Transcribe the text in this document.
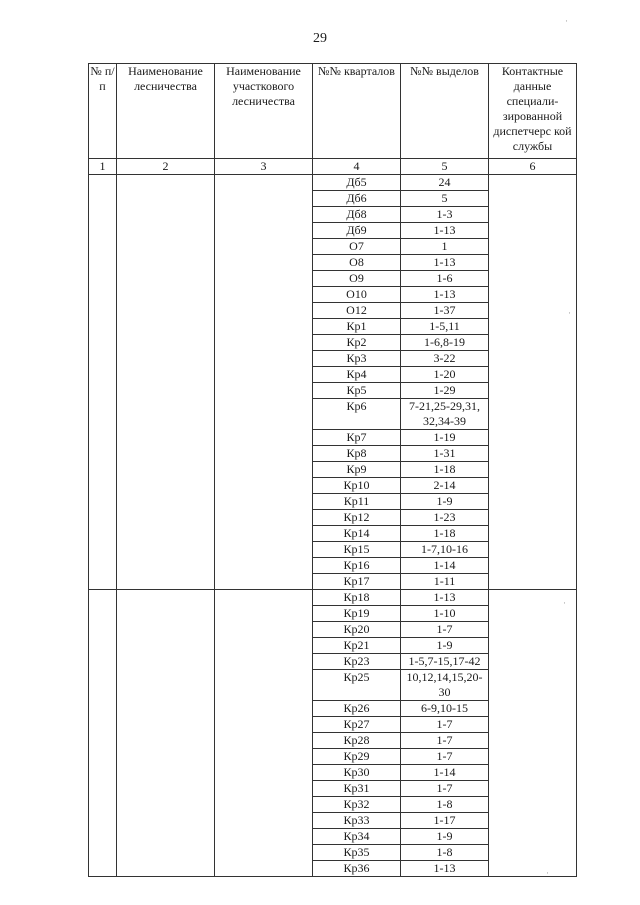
29
№ п/п	Наименование лесничества	Наименование участкового лесничества	№№ кварталов	№№ выделов	Контактные данные специали-зированной диспетчерс кой службы
1	2	3	4	5	6
			Дб5	24	
			Дб6	5	
			Дб8	1-3	
			Дб9	1-13	
			О7	1	
			О8	1-13	
			О9	1-6	
			О10	1-13	
			О12	1-37	
			Кр1	1-5,11	
			Кр2	1-6,8-19	
			Кр3	3-22	
			Кр4	1-20	
			Кр5	1-29	
			Кр6	7-21,25-29,31, 32,34-39	
			Кр7	1-19	
			Кр8	1-31	
			Кр9	1-18	
			Кр10	2-14	
			Кр11	1-9	
			Кр12	1-23	
			Кр14	1-18	
			Кр15	1-7,10-16	
			Кр16	1-14	
			Кр17	1-11	
			Кр18	1-13	
			Кр19	1-10	
			Кр20	1-7	
			Кр21	1-9	
			Кр23	1-5,7-15,17-42	
			Кр25	10,12,14,15,20-30	
			Кр26	6-9,10-15	
			Кр27	1-7	
			Кр28	1-7	
			Кр29	1-7	
			Кр30	1-14	
			Кр31	1-7	
			Кр32	1-8	
			Кр33	1-17	
			Кр34	1-9	
			Кр35	1-8	
			Кр36	1-13	
·
·
·
·
